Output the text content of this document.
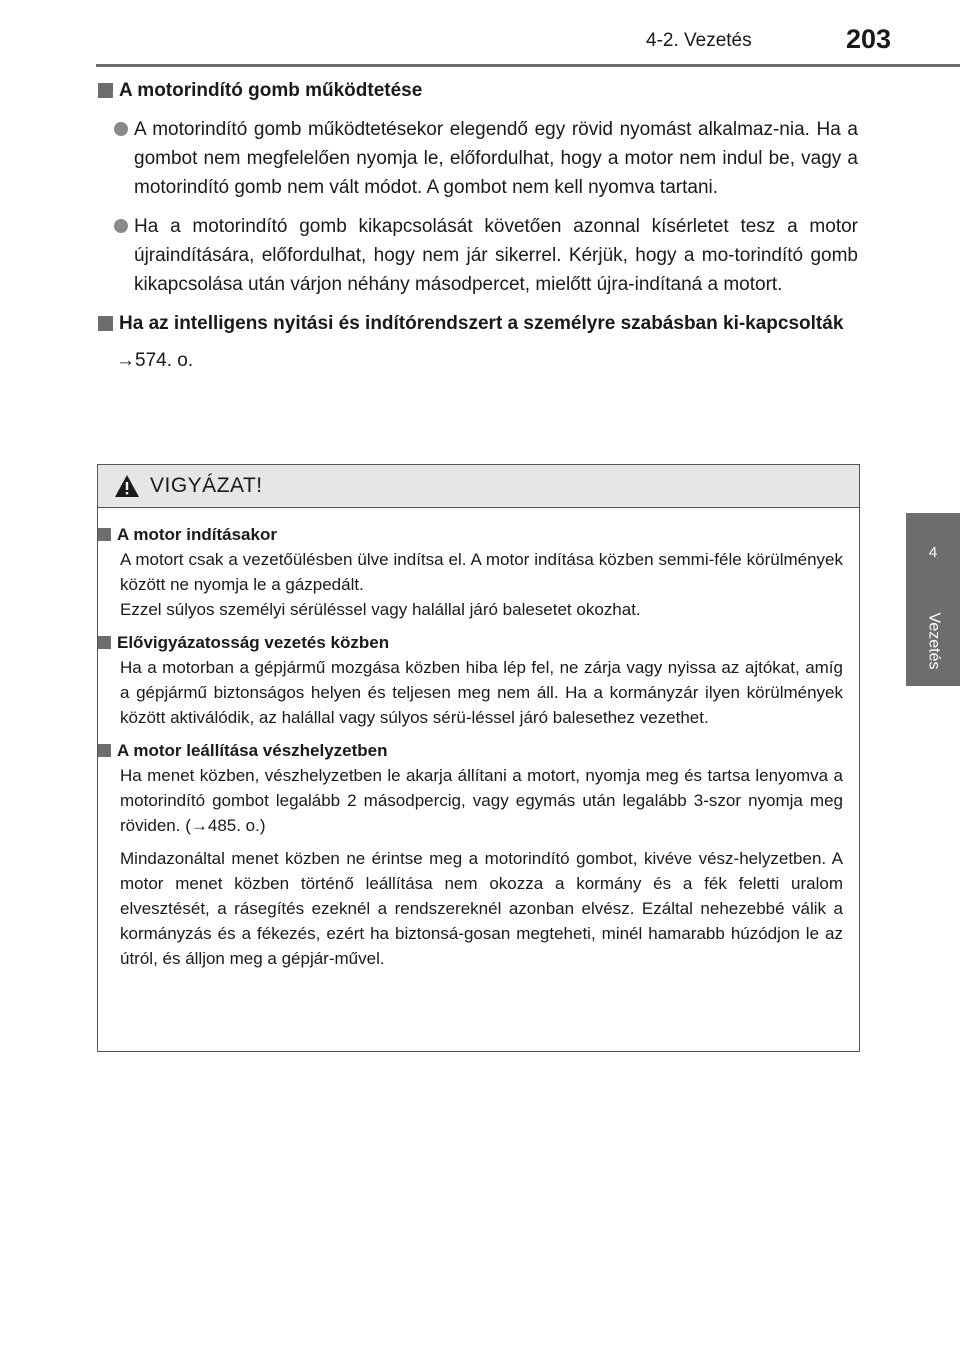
4-2. Vezetés	203
4
Vezetés
A motorindító gomb működtetése
A motorindító gomb működtetésekor elegendő egy rövid nyomást alkalmaz-nia. Ha a gombot nem megfelelően nyomja le, előfordulhat, hogy a motor nem indul be, vagy a motorindító gomb nem vált módot. A gombot nem kell nyomva tartani.
Ha a motorindító gomb kikapcsolását követően azonnal kísérletet tesz a motor újraindítására, előfordulhat, hogy nem jár sikerrel. Kérjük, hogy a mo-torindító gomb kikapcsolása után várjon néhány másodpercet, mielőtt újra-indítaná a motort.
Ha az intelligens nyitási és indítórendszert a személyre szabásban ki-kapcsolták
→574. o.
VIGYÁZAT!
A motor indításakor

A motort csak a vezetőülésben ülve indítsa el. A motor indítása közben semmi-féle körülmények között ne nyomja le a gázpedált.

Ezzel súlyos személyi sérüléssel vagy halállal járó balesetet okozhat.

Elővigyázatosság vezetés közben

Ha a motorban a gépjármű mozgása közben hiba lép fel, ne zárja vagy nyissa az ajtókat, amíg a gépjármű biztonságos helyen és teljesen meg nem áll. Ha a kormányzár ilyen körülmények között aktiválódik, az halállal vagy súlyos sérü-léssel járó balesethez vezethet.

A motor leállítása vészhelyzetben

Ha menet közben, vészhelyzetben le akarja állítani a motort, nyomja meg és tartsa lenyomva a motorindító gombot legalább 2 másodpercig, vagy egymás után legalább 3-szor nyomja meg röviden. (→485. o.)

Mindazonáltal menet közben ne érintse meg a motorindító gombot, kivéve vész-helyzetben. A motor menet közben történő leállítása nem okozza a kormány és a fék feletti uralom elvesztését, a rásegítés ezeknél a rendszereknél azonban elvész. Ezáltal nehezebbé válik a kormányzás és a fékezés, ezért ha biztonsá-gosan megteheti, minél hamarabb húzódjon le az útról, és álljon meg a gépjár-művel.
